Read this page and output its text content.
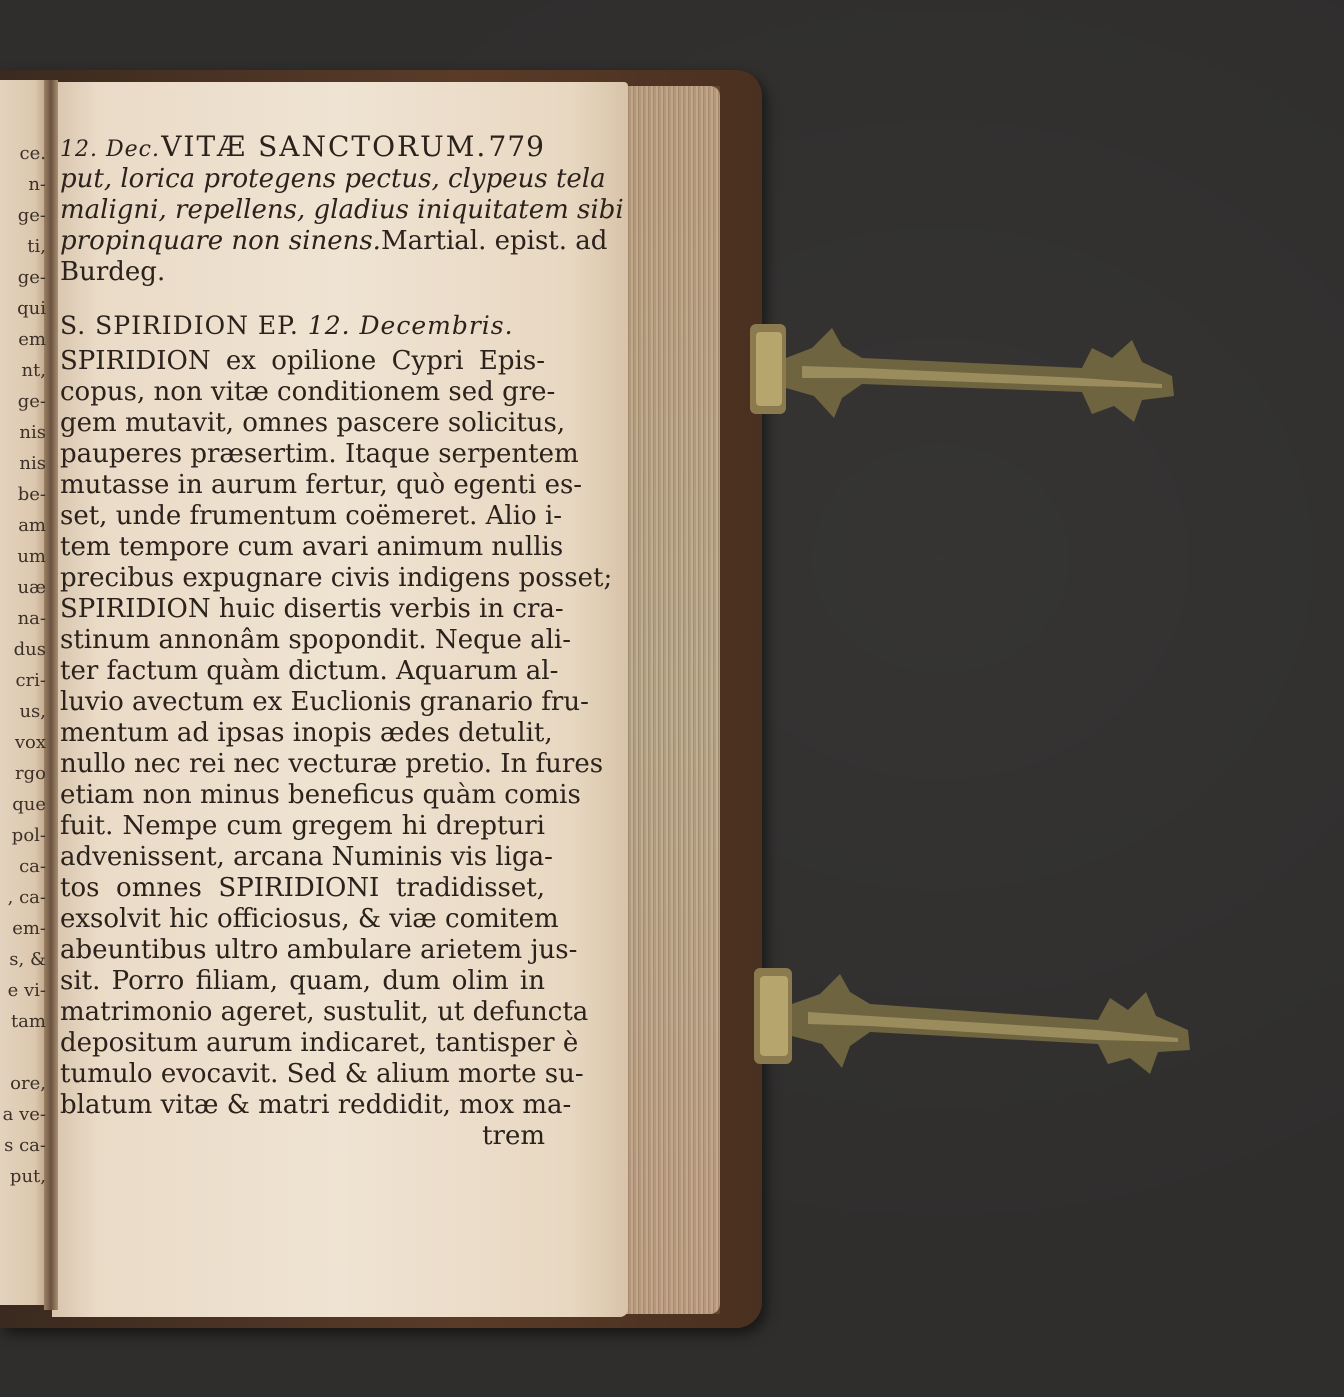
ce.
n-
ge-
ti,
ge-
qui
em
nt,
ge-
nis
nis
be-
am
um
uæ
na-
dus
cri-
us,
vox
rgo
que
pol-
ca-
, ca-
em-
s, &
e vi-
tam
ore,
a ve-
s ca-
put,
12. Dec. VITÆ SANCTORUM. 779
put, lorica protegens pectus, clypeus tela
maligni, repellens, gladius iniquitatem sibi
propinquare non sinens. Martial. epist. ad
Burdeg.
S. SPIRIDION EP. 12. Decembris.
SPIRIDION ex opilione Cypri Epis-
copus, non vitæ conditionem sed gre-
gem mutavit, omnes pascere solicitus,
pauperes præsertim. Itaque serpentem
mutasse in aurum fertur, quò egenti es-
set, unde frumentum coëmeret. Alio i-
tem tempore cum avari animum nullis
precibus expugnare civis indigens posset;
SPIRIDION huic disertis verbis in cra-
stinum annonâm spopondit. Neque ali-
ter factum quàm dictum. Aquarum al-
luvio avectum ex Euclionis granario fru-
mentum ad ipsas inopis ædes detulit,
nullo nec rei nec vecturæ pretio. In fures
etiam non minus beneficus quàm comis
fuit. Nempe cum gregem hi drepturi
advenissent, arcana Numinis vis liga-
tos omnes SPIRIDIONI tradidisset,
exsolvit hic officiosus, & viæ comitem
abeuntibus ultro ambulare arietem jus-
sit. Porro filiam, quam, dum olim in
matrimonio ageret, sustulit, ut defuncta
depositum aurum indicaret, tantisper è
tumulo evocavit. Sed & alium morte su-
blatum vitæ & matri reddidit, mox ma-
trem
